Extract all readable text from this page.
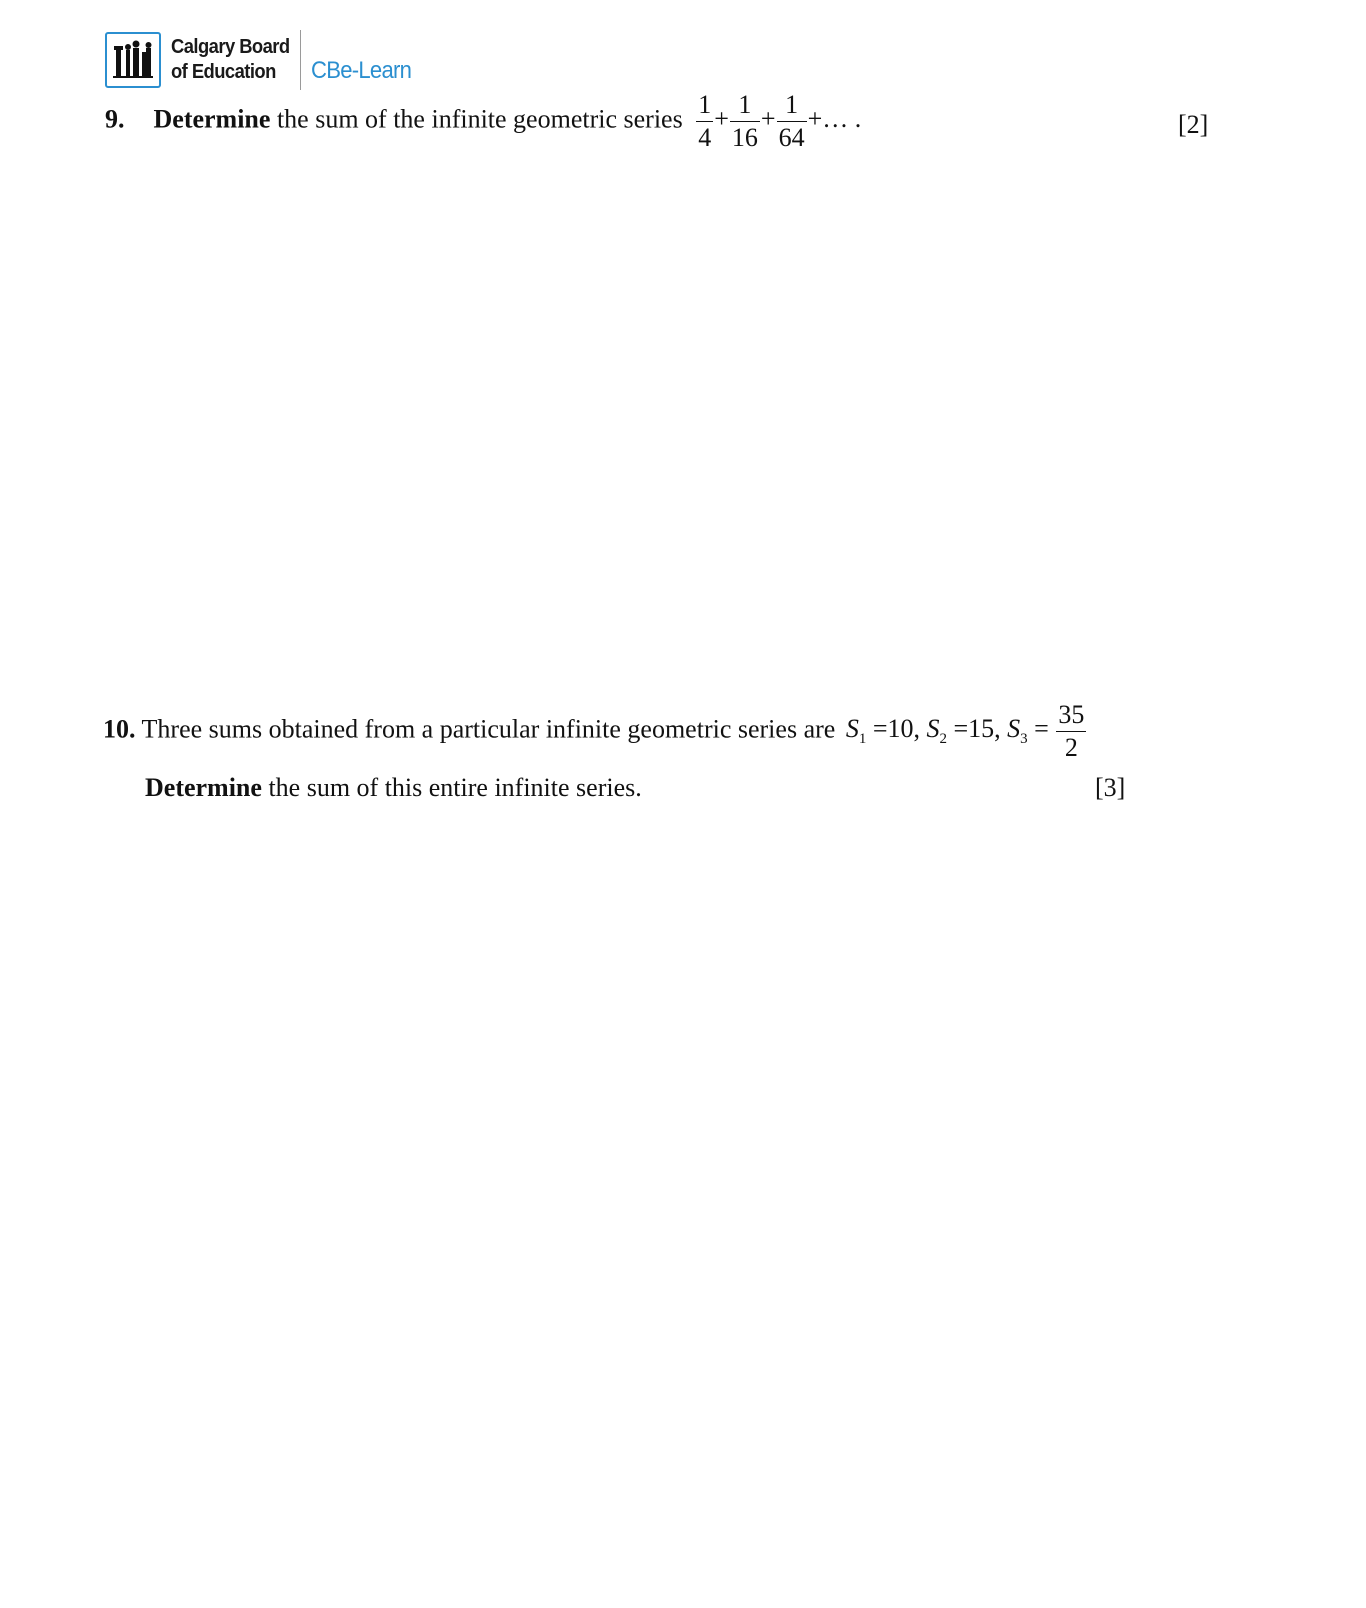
Calgary Board
of Education	CBe-Learn
9. Determine the sum of the infinite geometric series $\frac{1}{4} + \frac{1}{16} + \frac{1}{64}$ +… .	[2]
10. Three sums obtained from a particular infinite geometric series are $S_1 =10$, $S_2 =15$, $S_3 = \frac{35}{2}$
Determine the sum of this entire infinite series.	[3]
